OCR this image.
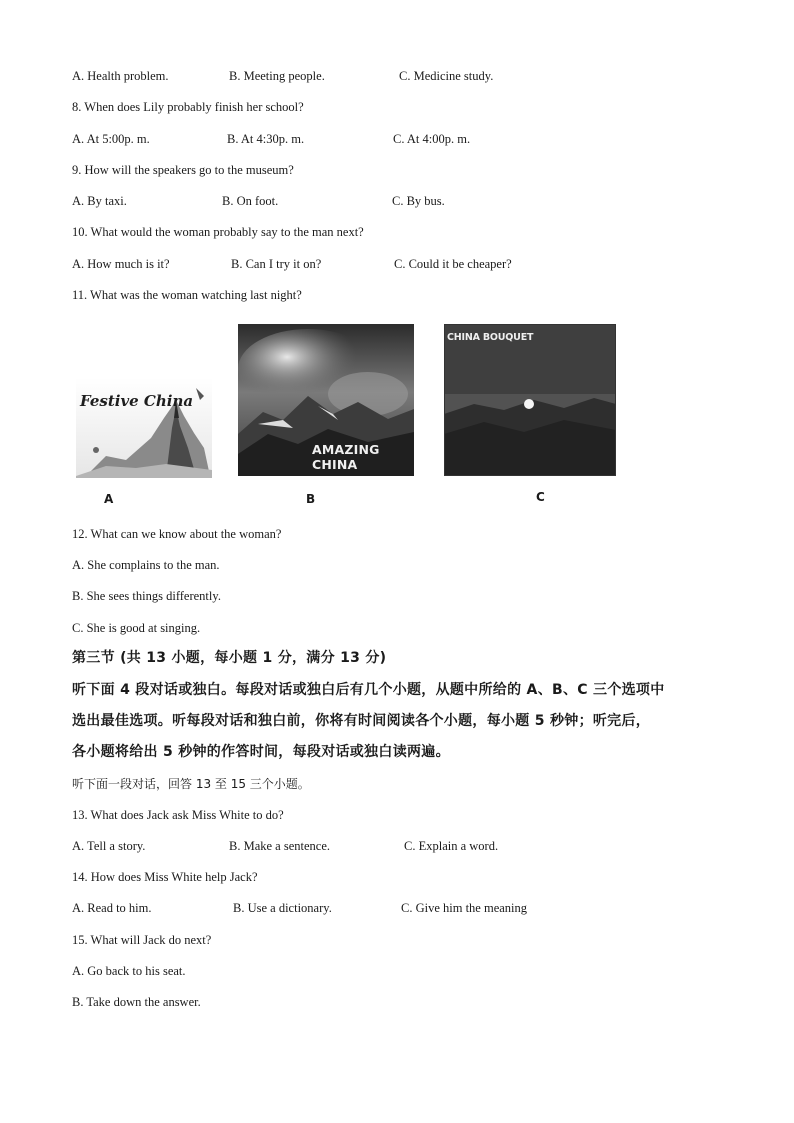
A. Health problem.	B. Meeting people.	C. Medicine study.
8. When does Lily probably finish her school?
A. At 5:00p. m.	B. At 4:30p. m.	C. At 4:00p. m.
9. How will the speakers go to the museum?
A. By taxi.	B. On foot.	C. By bus.
10. What would the woman probably say to the man next?
A. How much is it?	B. Can I try it on?	C. Could it be cheaper?
11. What was the woman watching last night?
Festive China
A
AMAZING CHINA
B
CHINA BOUQUET
C
12. What can we know about the woman?
A. She complains to the man.
B. She sees things differently.
C. She is good at singing.
第三节 (共 13 小题，每小题 1 分，满分 13 分)
听下面 4 段对话或独白。每段对话或独白后有几个小题，从题中所给的 A、B、C 三个选项中
选出最佳选项。听每段对话和独白前，你将有时间阅读各个小题，每小题 5 秒钟；听完后，
各小题将给出 5 秒钟的作答时间，每段对话或独白读两遍。
听下面一段对话，回答 13 至 15 三个小题。
13. What does Jack ask Miss White to do?
A. Tell a story.	B. Make a sentence.	C. Explain a word.
14. How does Miss White help Jack?
A. Read to him.	B. Use a dictionary.	C. Give him the meaning
15. What will Jack do next?
A. Go back to his seat.
B. Take down the answer.
